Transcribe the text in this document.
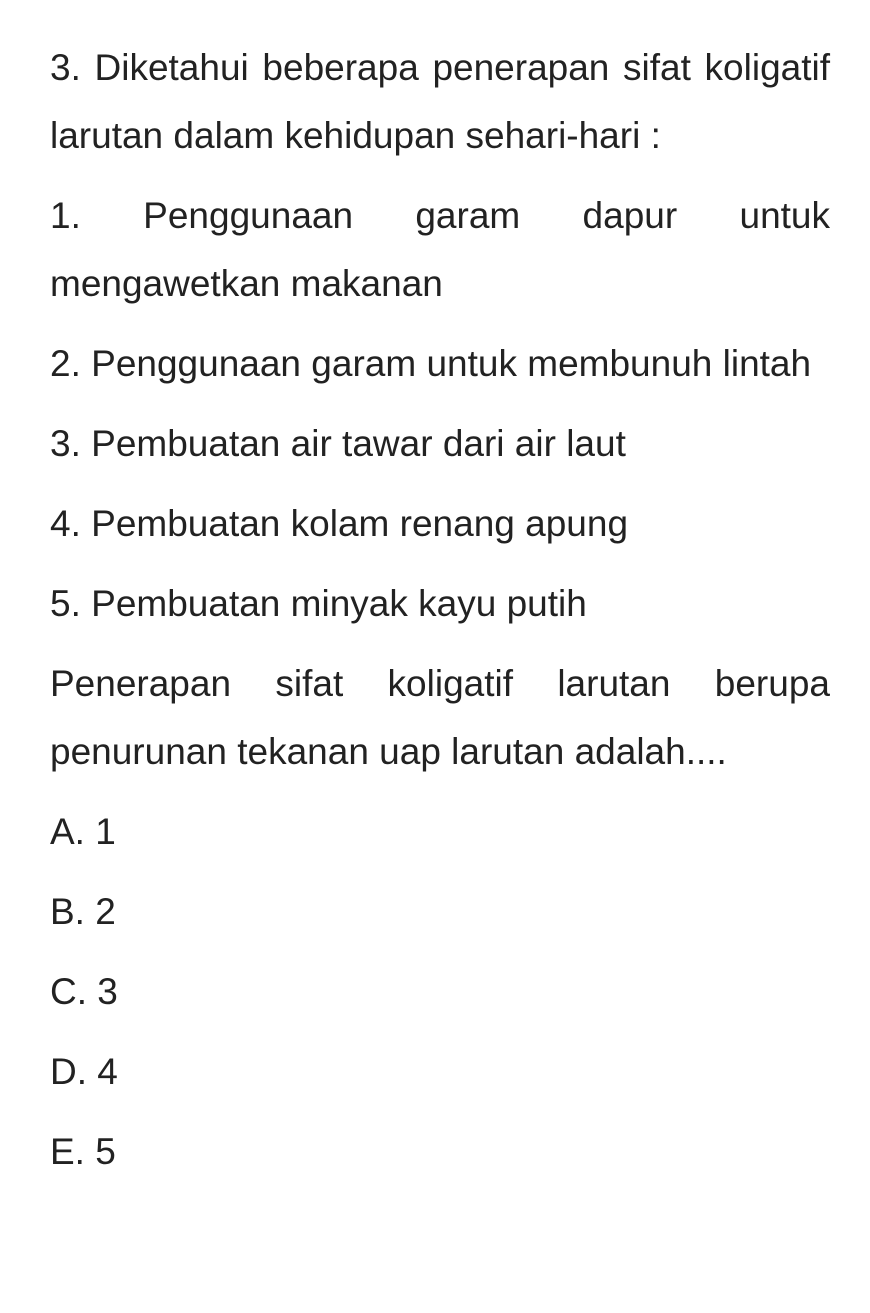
3. Diketahui beberapa penerapan sifat koligatif larutan dalam kehidupan sehari-hari :

1. Penggunaan garam dapur untuk mengawetkan makanan

2. Penggunaan garam untuk membunuh lintah

3. Pembuatan air tawar dari air laut

4. Pembuatan kolam renang apung

5. Pembuatan minyak kayu putih

Penerapan sifat koligatif larutan berupa penurunan tekanan uap larutan adalah....

A. 1

B. 2

C. 3

D. 4

E. 5
